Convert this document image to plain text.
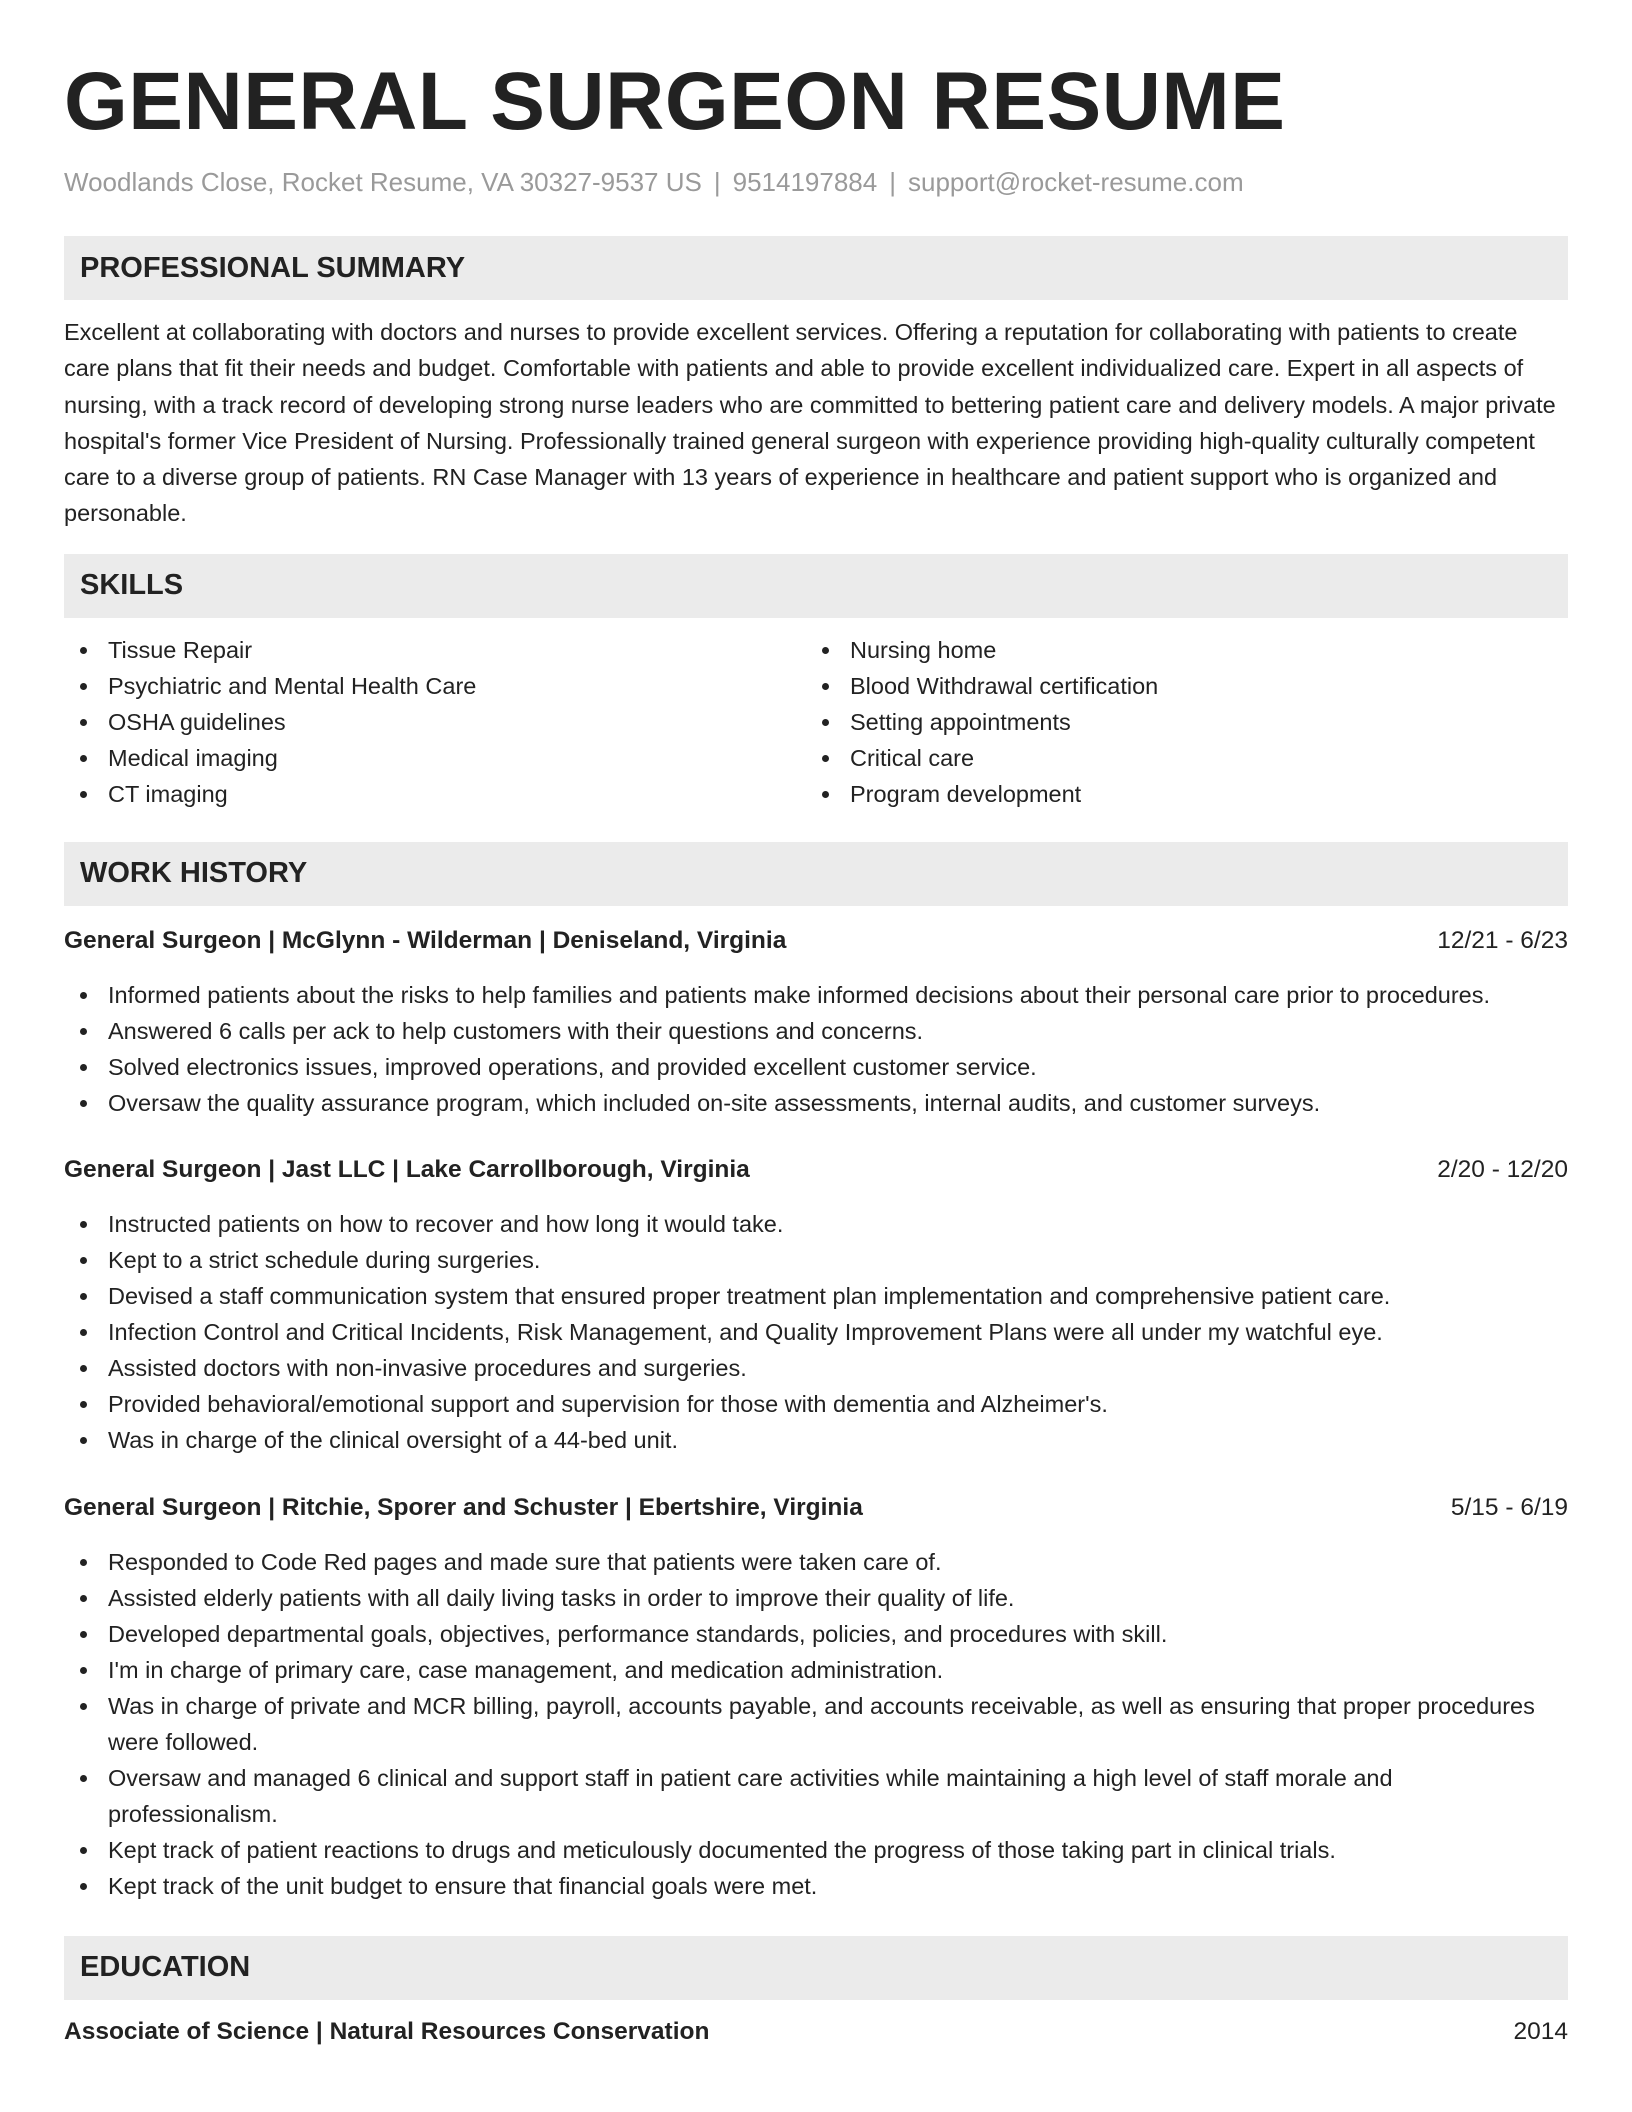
GENERAL SURGEON RESUME
Woodlands Close, Rocket Resume, VA 30327-9537 US | 9514197884 | support@rocket-resume.com
PROFESSIONAL SUMMARY

Excellent at collaborating with doctors and nurses to provide excellent services. Offering a reputation for collaborating with patients to create care plans that fit their needs and budget. Comfortable with patients and able to provide excellent individualized care. Expert in all aspects of nursing, with a track record of developing strong nurse leaders who are committed to bettering patient care and delivery models. A major private hospital's former Vice President of Nursing. Professionally trained general surgeon with experience providing high-quality culturally competent care to a diverse group of patients. RN Case Manager with 13 years of experience in healthcare and patient support who is organized and personable.

SKILLS
Tissue Repair
Psychiatric and Mental Health Care
OSHA guidelines
Medical imaging
CT imaging
Nursing home
Blood Withdrawal certification
Setting appointments
Critical care
Program development
WORK HISTORY
General Surgeon | McGlynn - Wilderman | Deniseland, Virginia	12/21 - 6/23
Informed patients about the risks to help families and patients make informed decisions about their personal care prior to procedures.
Answered 6 calls per ack to help customers with their questions and concerns.
Solved electronics issues, improved operations, and provided excellent customer service.
Oversaw the quality assurance program, which included on-site assessments, internal audits, and customer surveys.
General Surgeon | Jast LLC | Lake Carrollborough, Virginia	2/20 - 12/20
Instructed patients on how to recover and how long it would take.
Kept to a strict schedule during surgeries.
Devised a staff communication system that ensured proper treatment plan implementation and comprehensive patient care.
Infection Control and Critical Incidents, Risk Management, and Quality Improvement Plans were all under my watchful eye.
Assisted doctors with non-invasive procedures and surgeries.
Provided behavioral/emotional support and supervision for those with dementia and Alzheimer's.
Was in charge of the clinical oversight of a 44-bed unit.
General Surgeon | Ritchie, Sporer and Schuster | Ebertshire, Virginia	5/15 - 6/19
Responded to Code Red pages and made sure that patients were taken care of.
Assisted elderly patients with all daily living tasks in order to improve their quality of life.
Developed departmental goals, objectives, performance standards, policies, and procedures with skill.
I'm in charge of primary care, case management, and medication administration.
Was in charge of private and MCR billing, payroll, accounts payable, and accounts receivable, as well as ensuring that proper procedures were followed.
Oversaw and managed 6 clinical and support staff in patient care activities while maintaining a high level of staff morale and professionalism.
Kept track of patient reactions to drugs and meticulously documented the progress of those taking part in clinical trials.
Kept track of the unit budget to ensure that financial goals were met.
EDUCATION
Associate of Science | Natural Resources Conservation	2014
